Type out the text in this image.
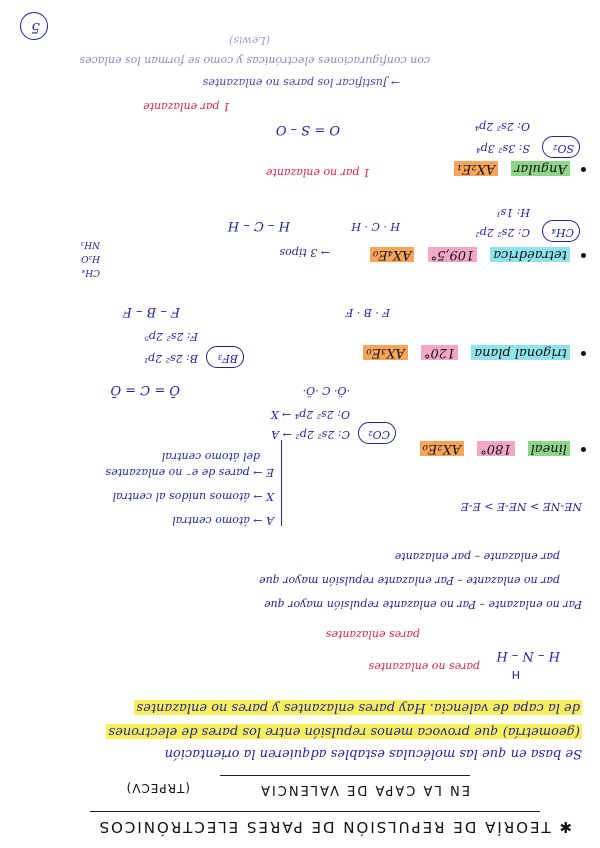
✱ TEORÍA DE REPULSIÓN DE PARES ELECTRÓNICOS
EN LA CAPA DE VALENCIA
(TRPECV)
Se basa en que las moléculas estables adquieren la orientación
(geometría) que provoca menos repulsión entre los pares de electrones
de la capa de valencia. Hay pares enlazantes y pares no enlazantes
H
H – N – H
pares no enlazantes
pares enlazantes
Par no enlazante – Par no enlazante repulsión mayor que
par no enlazante – Par enlazante repulsión mayor que
par enlazante – par enlazante
NE-NE > NE-E > E-E
A → átomo central
X → átomos unidos al central
E → pares de e⁻ no enlazantes
del átomo central
lineal 180° AX₂E₀
CO₂
C: 2s² 2p² → A
O: 2s² 2p⁴ → X
·Ö· C ·Ö·
Ō = C = Ō
trigonal plana 120° AX₃E₀
BF₃
B: 2s² 2p¹
F: 2s² 2p⁵
F · B · F
F – B – F
tetraédrica 109,5° AX₄E₀
→ 3 tipos
CH₄
H₂O
NH₃
CH₄
C: 2s² 2p²
H: 1s¹
H · C · H
H – C – H
Angular AX₂E₁
1 par no enlazante
SO₂
S: 3s² 3p⁴
O: 2s² 2p⁴
O = S – O
1 par enlazante
→ Justificar los pares no enlazantes
con configuraciones electrónicas y como se forman los enlaces
(Lewis)
5
